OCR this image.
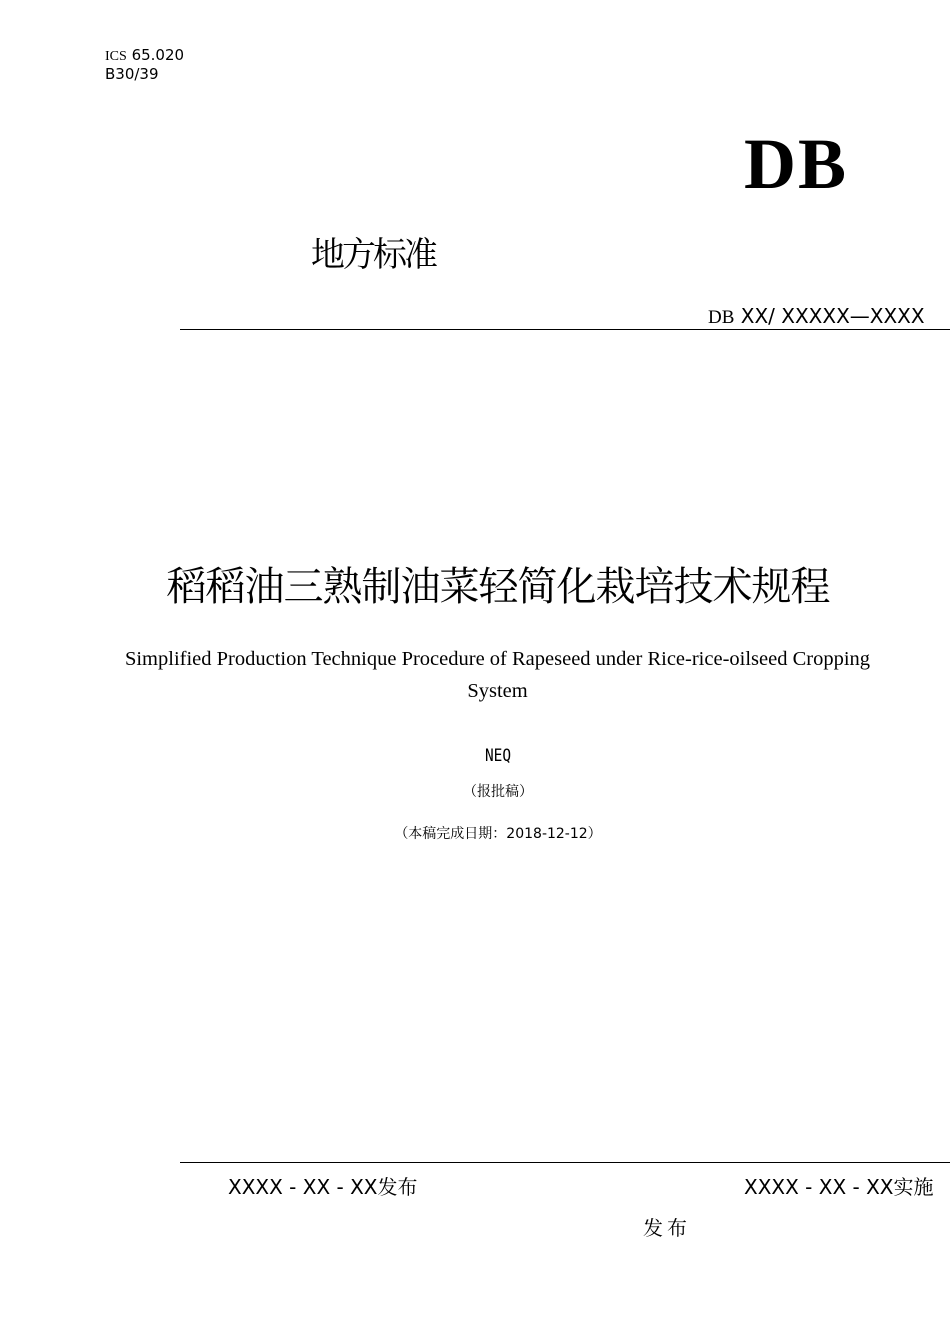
ICS 65.020
B30/39
DB
地方标准
DB XX/ XXXXX—XXXX
稻稻油三熟制油菜轻简化栽培技术规程
Simplified Production Technique Procedure of Rapeseed under Rice-rice-oilseed Cropping System
NEQ
（报批稿）
（本稿完成日期：2018-12-12）
XXXX - XX - XX发布	XXXX - XX - XX实施
发布
